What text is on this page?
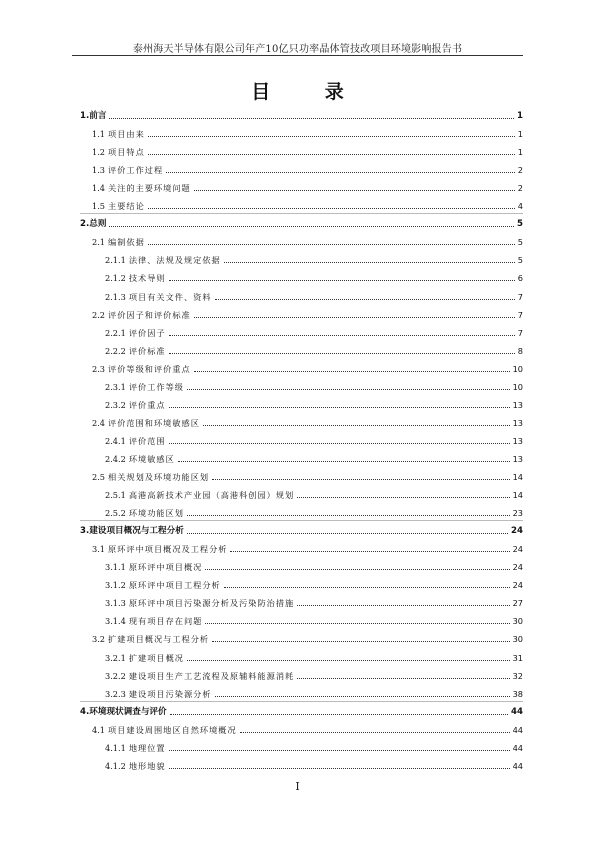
泰州海天半导体有限公司年产10亿只功率晶体管技改项目环境影响报告书
目 录
1. 前言	1
1.1 项目由来	1
1.2 项目特点	1
1.3 评价工作过程	2
1.4 关注的主要环境问题	2
1.5 主要结论	4
2. 总则	5
2.1 编制依据	5
2.1.1 法律、法规及规定依据	5
2.1.2 技术导则	6
2.1.3 项目有关文件、资料	7
2.2 评价因子和评价标准	7
2.2.1 评价因子	7
2.2.2 评价标准	8
2.3 评价等级和评价重点	10
2.3.1 评价工作等级	10
2.3.2 评价重点	13
2.4 评价范围和环境敏感区	13
2.4.1 评价范围	13
2.4.2 环境敏感区	13
2.5 相关规划及环境功能区划	14
2.5.1 高港高新技术产业园（高港科创园）规划	14
2.5.2 环境功能区划	23
3. 建设项目概况与工程分析	24
3.1 原环评中项目概况及工程分析	24
3.1.1 原环评中项目概况	24
3.1.2 原环评中项目工程分析	24
3.1.3 原环评中项目污染源分析及污染防治措施	27
3.1.4 现有项目存在问题	30
3.2 扩建项目概况与工程分析	30
3.2.1 扩建项目概况	31
3.2.2 建设项目生产工艺流程及原辅料能源消耗	32
3.2.3 建设项目污染源分析	38
4. 环境现状调查与评价	44
4.1 项目建设周围地区自然环境概况	44
4.1.1 地理位置	44
4.1.2 地形地貌	44
I
